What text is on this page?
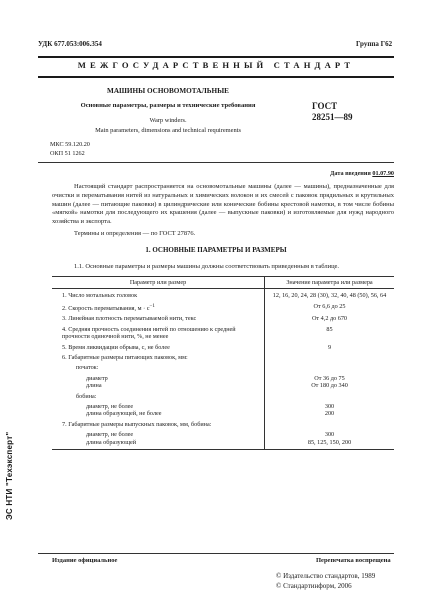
УДК 677.053:006.354	Группа Г62
МЕЖГОСУДАРСТВЕННЫЙ СТАНДАРТ
МАШИНЫ ОСНОВОМОТАЛЬНЫЕ
Основные параметры, размеры и технические требования	ГОСТ
28251—89
Warp winders.
Main parameters, dimensions and technical requirements
МКС 59.120.20
ОКП 51 1262
Дата введения 01.07.90
Настоящий стандарт распространяется на основомотальные машины (далее — машины), предназначенные для очистки и перематывания нитей из натуральных и химических волокон и их смесей с паковок прядильных и крутильных машин (далее — питающие паковки) в цилиндрические или конические бобины крестовой намотки, в том числе бобины «мягкой» намотки для последующего их крашения (далее — выпускные паковки) и изготовляемые для нужд народного хозяйства и экспорта.
Термины и определения — по ГОСТ 27876.
1. ОСНОВНЫЕ ПАРАМЕТРЫ И РАЗМЕРЫ
1.1. Основные параметры и размеры машины должны соответствовать приведенным в таблице.
Параметр или размер	Значение параметра или размера
1. Число мотальных головок	12, 16, 20, 24, 28 (30), 32, 40, 48 (50), 56, 64
2. Скорость перематывания, $м \cdot с^{-1}$	От 6,6 до 25
3. Линейная плотность перематываемой нити, текс	От 4,2 до 670
4. Средняя прочность соединения нитей по отношению к средней прочности одиночной нити, %, не менее	85
5. Время ликвидации обрыва, с, не более	9
6. Габаритные размеры питающих паковок, мм:	
початок:	
диаметр	От 36 до 75
длина	От 180 до 340
бобина:	
диаметр, не более	300
длина образующей, не более	200
7. Габаритные размеры выпускных паковок, мм, бобина:	
диаметр, не более	300
длина образующей	85, 125, 150, 200
Издание официальное	Перепечатка воспрещена
© Издательство стандартов, 1989
© Стандартинформ, 2006
ЭС НТИ "Техэксперт"
